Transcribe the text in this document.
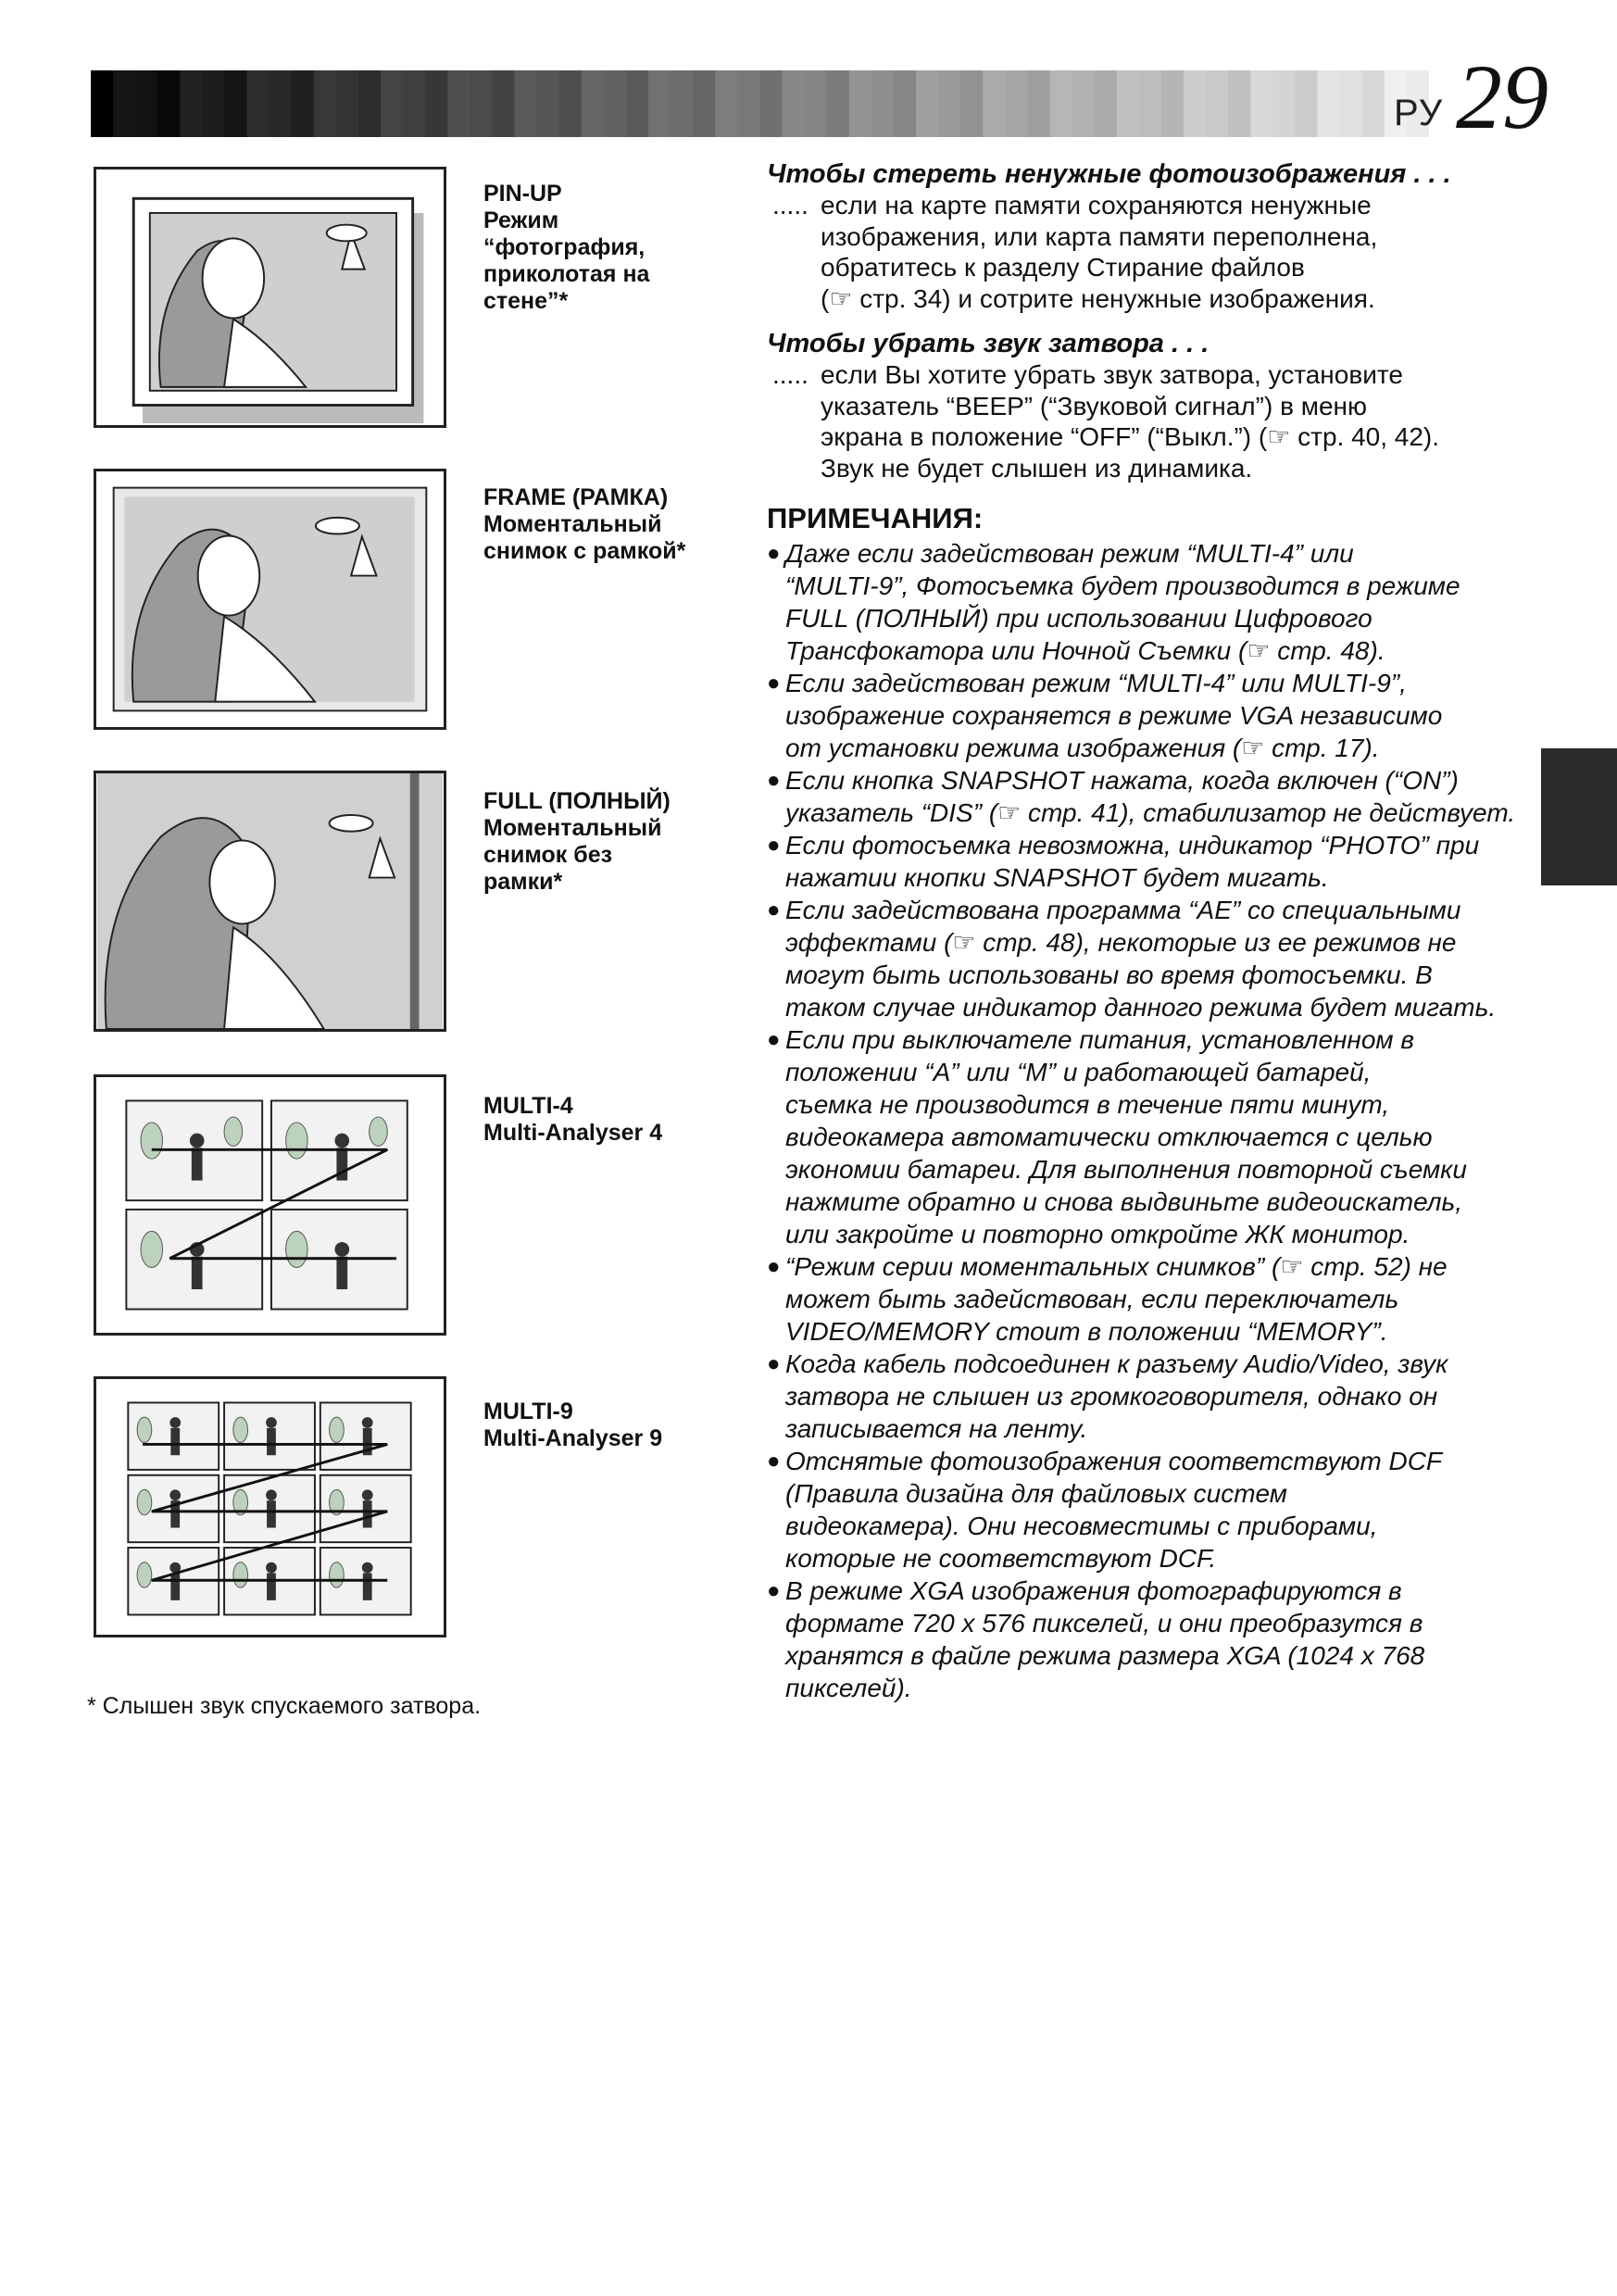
РУ 29
PIN-UP
Режим
“фотография,
приколотая на
стене”*
FRAME (РАМКА)
Моментальный
снимок с рамкой*
FULL (ПОЛНЫЙ)
Моментальный
снимок без
рамки*
MULTI-4
Multi-Analyser 4
MULTI-9
Multi-Analyser 9
* Слышен звук спускаемого затвора.
Чтобы стереть ненужные фотоизображения . . .
..... если на карте памяти сохраняются ненужные
изображения, или карта памяти переполнена,
обратитесь к разделу Стирание файлов
(☞ стр. 34) и сотрите ненужные изображения.
Чтобы убрать звук затвора . . .
..... если Вы хотите убрать звук затвора, установите
указатель “BEEP” (“Звуковой сигнал”) в меню
экрана в положение “OFF” (“Выкл.”) (☞ стр. 40, 42).
Звук не будет слышен из динамика.
ПРИМЕЧАНИЯ:
● Даже если задействован режим “MULTI-4” или
“MULTI-9”, Фотосъемка будет производится в режиме
FULL (ПОЛНЫЙ) при использовании Цифрового
Трансфокатора или Ночной Съемки (☞ стр. 48).
● Если задействован режим “MULTI-4” или MULTI-9”,
изображение сохраняется в режиме VGA независимо
от установки режима изображения (☞ стр. 17).
● Если кнопка SNAPSHOT нажата, когда включен (“ON”)
указатель “DIS” (☞ стр. 41), стабилизатор не действует.
● Если фотосъемка невозможна, индикатор “PHOTO” при
нажатии кнопки SNAPSHOT будет мигать.
● Если задействована программа “AE” со специальными
эффектами (☞ стр. 48), некоторые из ее режимов не
могут быть использованы во время фотосъемки. В
таком случае индикатор данного режима будет мигать.
● Если при выключателе питания, установленном в
положении “A” или “M” и работающей батарей,
съемка не производится в течение пяти минут,
видеокамера автоматически отключается с целью
экономии батареи. Для выполнения повторной съемки
нажмите обратно и снова выдвиньте видеоискатель,
или закройте и повторно откройте ЖК монитор.
● “Режим серии моментальных снимков” (☞ стр. 52) не
может быть задействован, если переключатель
VIDEO/MEMORY стоит в положении “MEMORY”.
● Когда кабель подсоединен к разъему Audio/Video, звук
затвора не слышен из громкоговорителя, однако он
записывается на ленту.
● Отснятые фотоизображения соответствуют DCF
(Правила дизайна для файловых систем
видеокамера). Они несовместимы с приборами,
которые не соответствуют DCF.
● В режиме XGA изображения фотографируются в
формате 720 x 576 пикселей, и они преобразутся в
хранятся в файле режима размера XGA (1024 x 768
пикселей).
